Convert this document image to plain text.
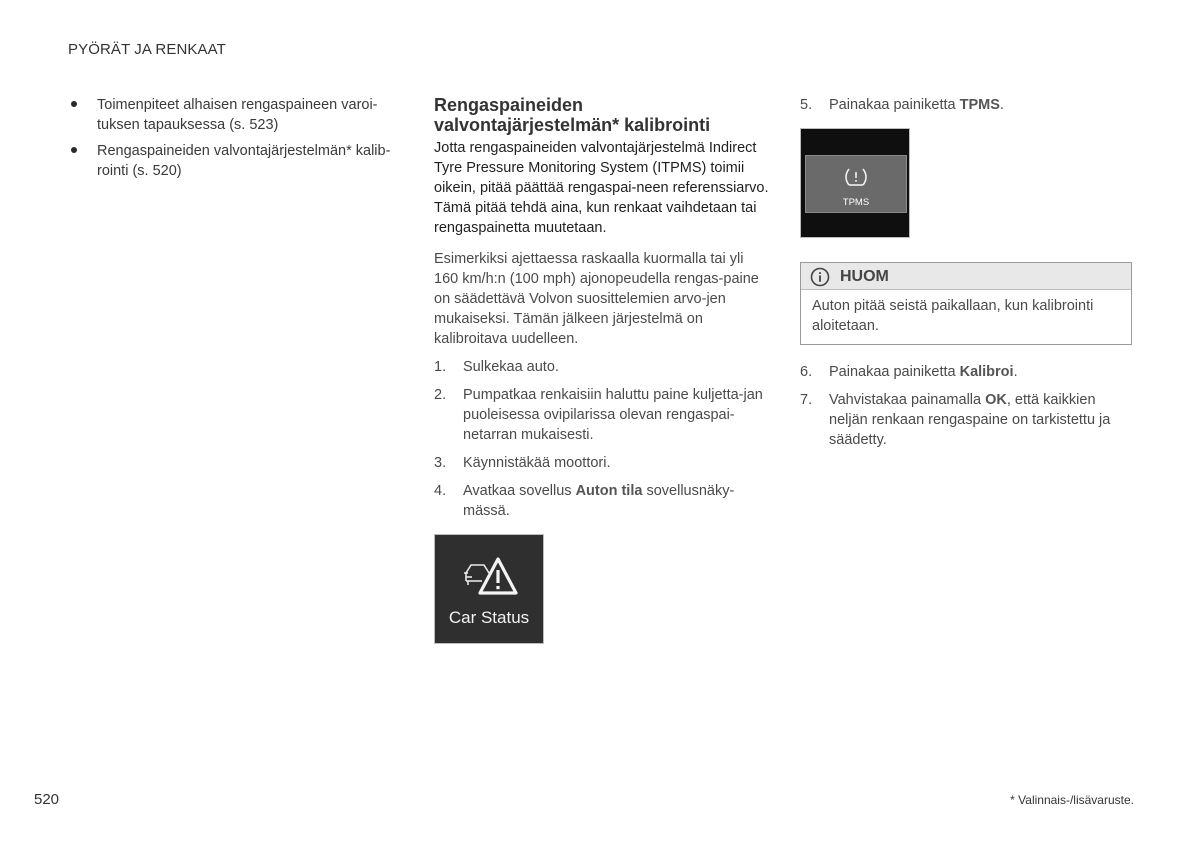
PYÖRÄT JA RENKAAT
Toimenpiteet alhaisen rengaspaineen varoi-tuksen tapauksessa (s. 523)
Rengaspaineiden valvontajärjestelmän* kalib-rointi (s. 520)
Rengaspaineiden valvontajärjestelmän* kalibrointi

Jotta rengaspaineiden valvontajärjestelmä Indirect Tyre Pressure Monitoring System (ITPMS) toimii oikein, pitää päättää rengaspai-neen referenssiarvo. Tämä pitää tehdä aina, kun renkaat vaihdetaan tai rengaspainetta muutetaan.

Esimerkiksi ajettaessa raskaalla kuormalla tai yli 160 km/h:n (100 mph) ajonopeudella rengas-paine on säädettävä Volvon suosittelemien arvo-jen mukaiseksi. Tämän jälkeen järjestelmä on kalibroitava uudelleen.

1. Sulkekaa auto.
2. Pumpatkaa renkaisiin haluttu paine kuljetta-jan puoleisessa ovipilarissa olevan rengaspai-netarran mukaisesti.
3. Käynnistäkää moottori.
4. Avatkaa sovellus Auton tila sovellusnäky-mässä.
Car Status
5. Painakaa painiketta TPMS.
TPMS
HUOM
Auton pitää seistä paikallaan, kun kalibrointi aloitetaan.
6. Painakaa painiketta Kalibroi.
7. Vahvistakaa painamalla OK, että kaikkien neljän renkaan rengaspaine on tarkistettu ja säädetty.
520	* Valinnais-/lisävaruste.
